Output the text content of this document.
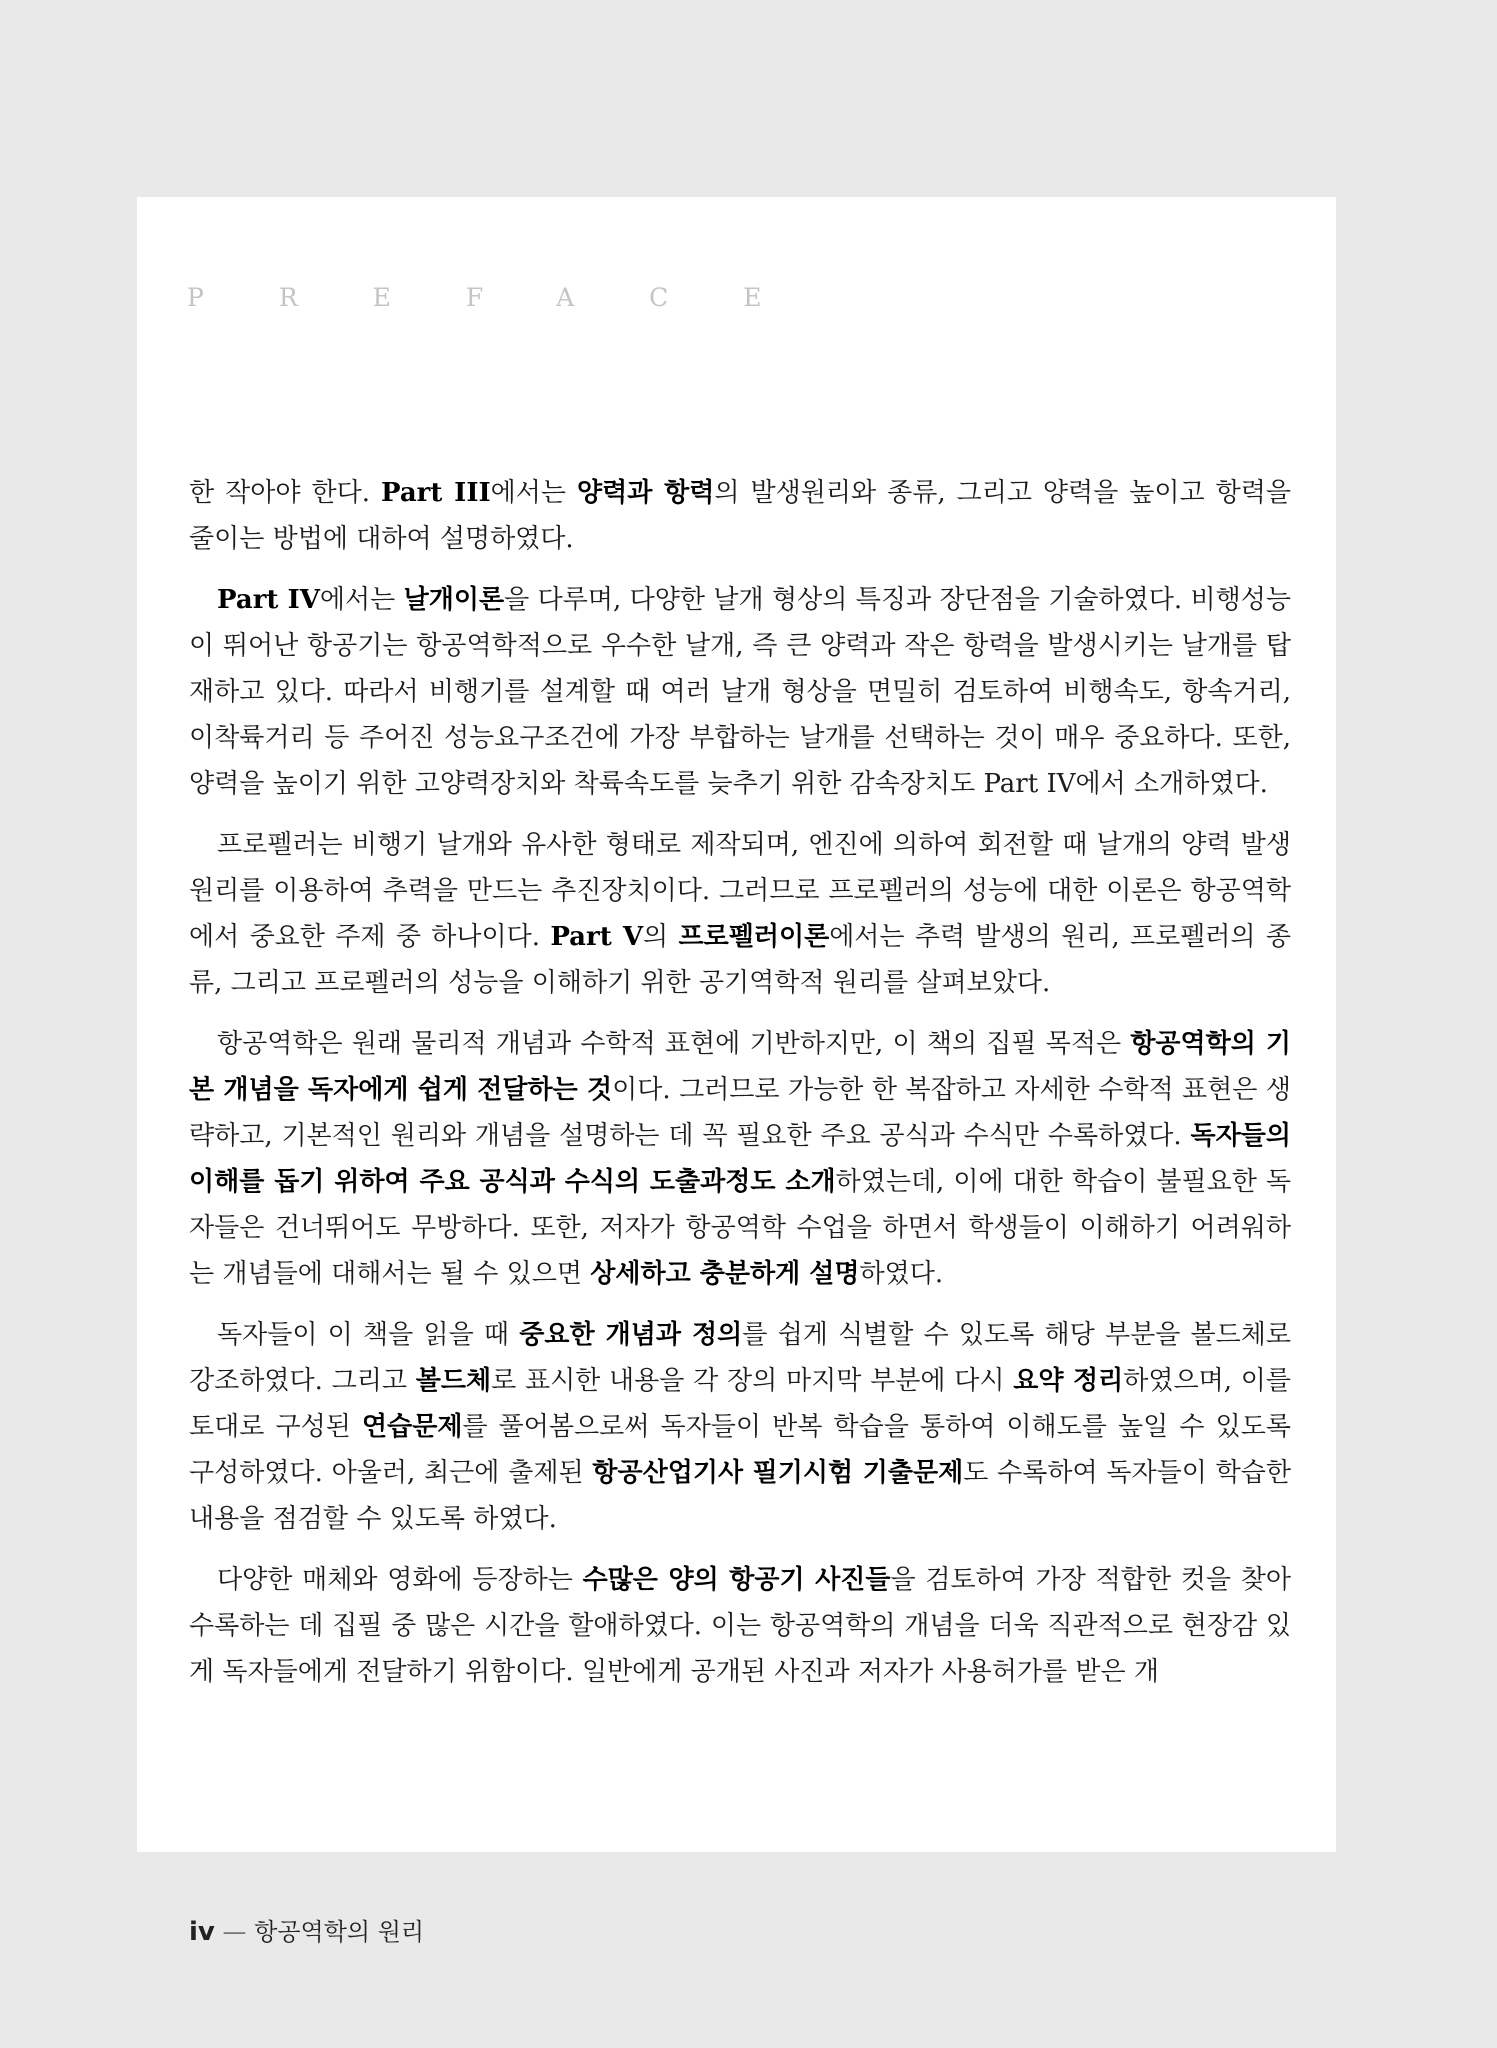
PREFACE

한 작아야 한다. Part III에서는 양력과 항력의 발생원리와 종류, 그리고 양력을 높이고 항력을 줄이는 방법에 대하여 설명하였다.

Part IV에서는 날개이론을 다루며, 다양한 날개 형상의 특징과 장단점을 기술하였다. 비행성능이 뛰어난 항공기는 항공역학적으로 우수한 날개, 즉 큰 양력과 작은 항력을 발생시키는 날개를 탑재하고 있다. 따라서 비행기를 설계할 때 여러 날개 형상을 면밀히 검토하여 비행속도, 항속거리, 이착륙거리 등 주어진 성능요구조건에 가장 부합하는 날개를 선택하는 것이 매우 중요하다. 또한, 양력을 높이기 위한 고양력장치와 착륙속도를 늦추기 위한 감속장치도 Part IV에서 소개하였다.

프로펠러는 비행기 날개와 유사한 형태로 제작되며, 엔진에 의하여 회전할 때 날개의 양력 발생원리를 이용하여 추력을 만드는 추진장치이다. 그러므로 프로펠러의 성능에 대한 이론은 항공역학에서 중요한 주제 중 하나이다. Part V의 프로펠러이론에서는 추력 발생의 원리, 프로펠러의 종류, 그리고 프로펠러의 성능을 이해하기 위한 공기역학적 원리를 살펴보았다.

항공역학은 원래 물리적 개념과 수학적 표현에 기반하지만, 이 책의 집필 목적은 항공역학의 기본 개념을 독자에게 쉽게 전달하는 것이다. 그러므로 가능한 한 복잡하고 자세한 수학적 표현은 생략하고, 기본적인 원리와 개념을 설명하는 데 꼭 필요한 주요 공식과 수식만 수록하였다. 독자들의 이해를 돕기 위하여 주요 공식과 수식의 도출과정도 소개하였는데, 이에 대한 학습이 불필요한 독자들은 건너뛰어도 무방하다. 또한, 저자가 항공역학 수업을 하면서 학생들이 이해하기 어려워하는 개념들에 대해서는 될 수 있으면 상세하고 충분하게 설명하였다.

독자들이 이 책을 읽을 때 중요한 개념과 정의를 쉽게 식별할 수 있도록 해당 부분을 볼드체로 강조하였다. 그리고 볼드체로 표시한 내용을 각 장의 마지막 부분에 다시 요약 정리하였으며, 이를 토대로 구성된 연습문제를 풀어봄으로써 독자들이 반복 학습을 통하여 이해도를 높일 수 있도록 구성하였다. 아울러, 최근에 출제된 항공산업기사 필기시험 기출문제도 수록하여 독자들이 학습한 내용을 점검할 수 있도록 하였다.

다양한 매체와 영화에 등장하는 수많은 양의 항공기 사진들을 검토하여 가장 적합한 컷을 찾아 수록하는 데 집필 중 많은 시간을 할애하였다. 이는 항공역학의 개념을 더욱 직관적으로 현장감 있게 독자들에게 전달하기 위함이다. 일반에게 공개된 사진과 저자가 사용허가를 받은 개

iv — 항공역학의 원리
